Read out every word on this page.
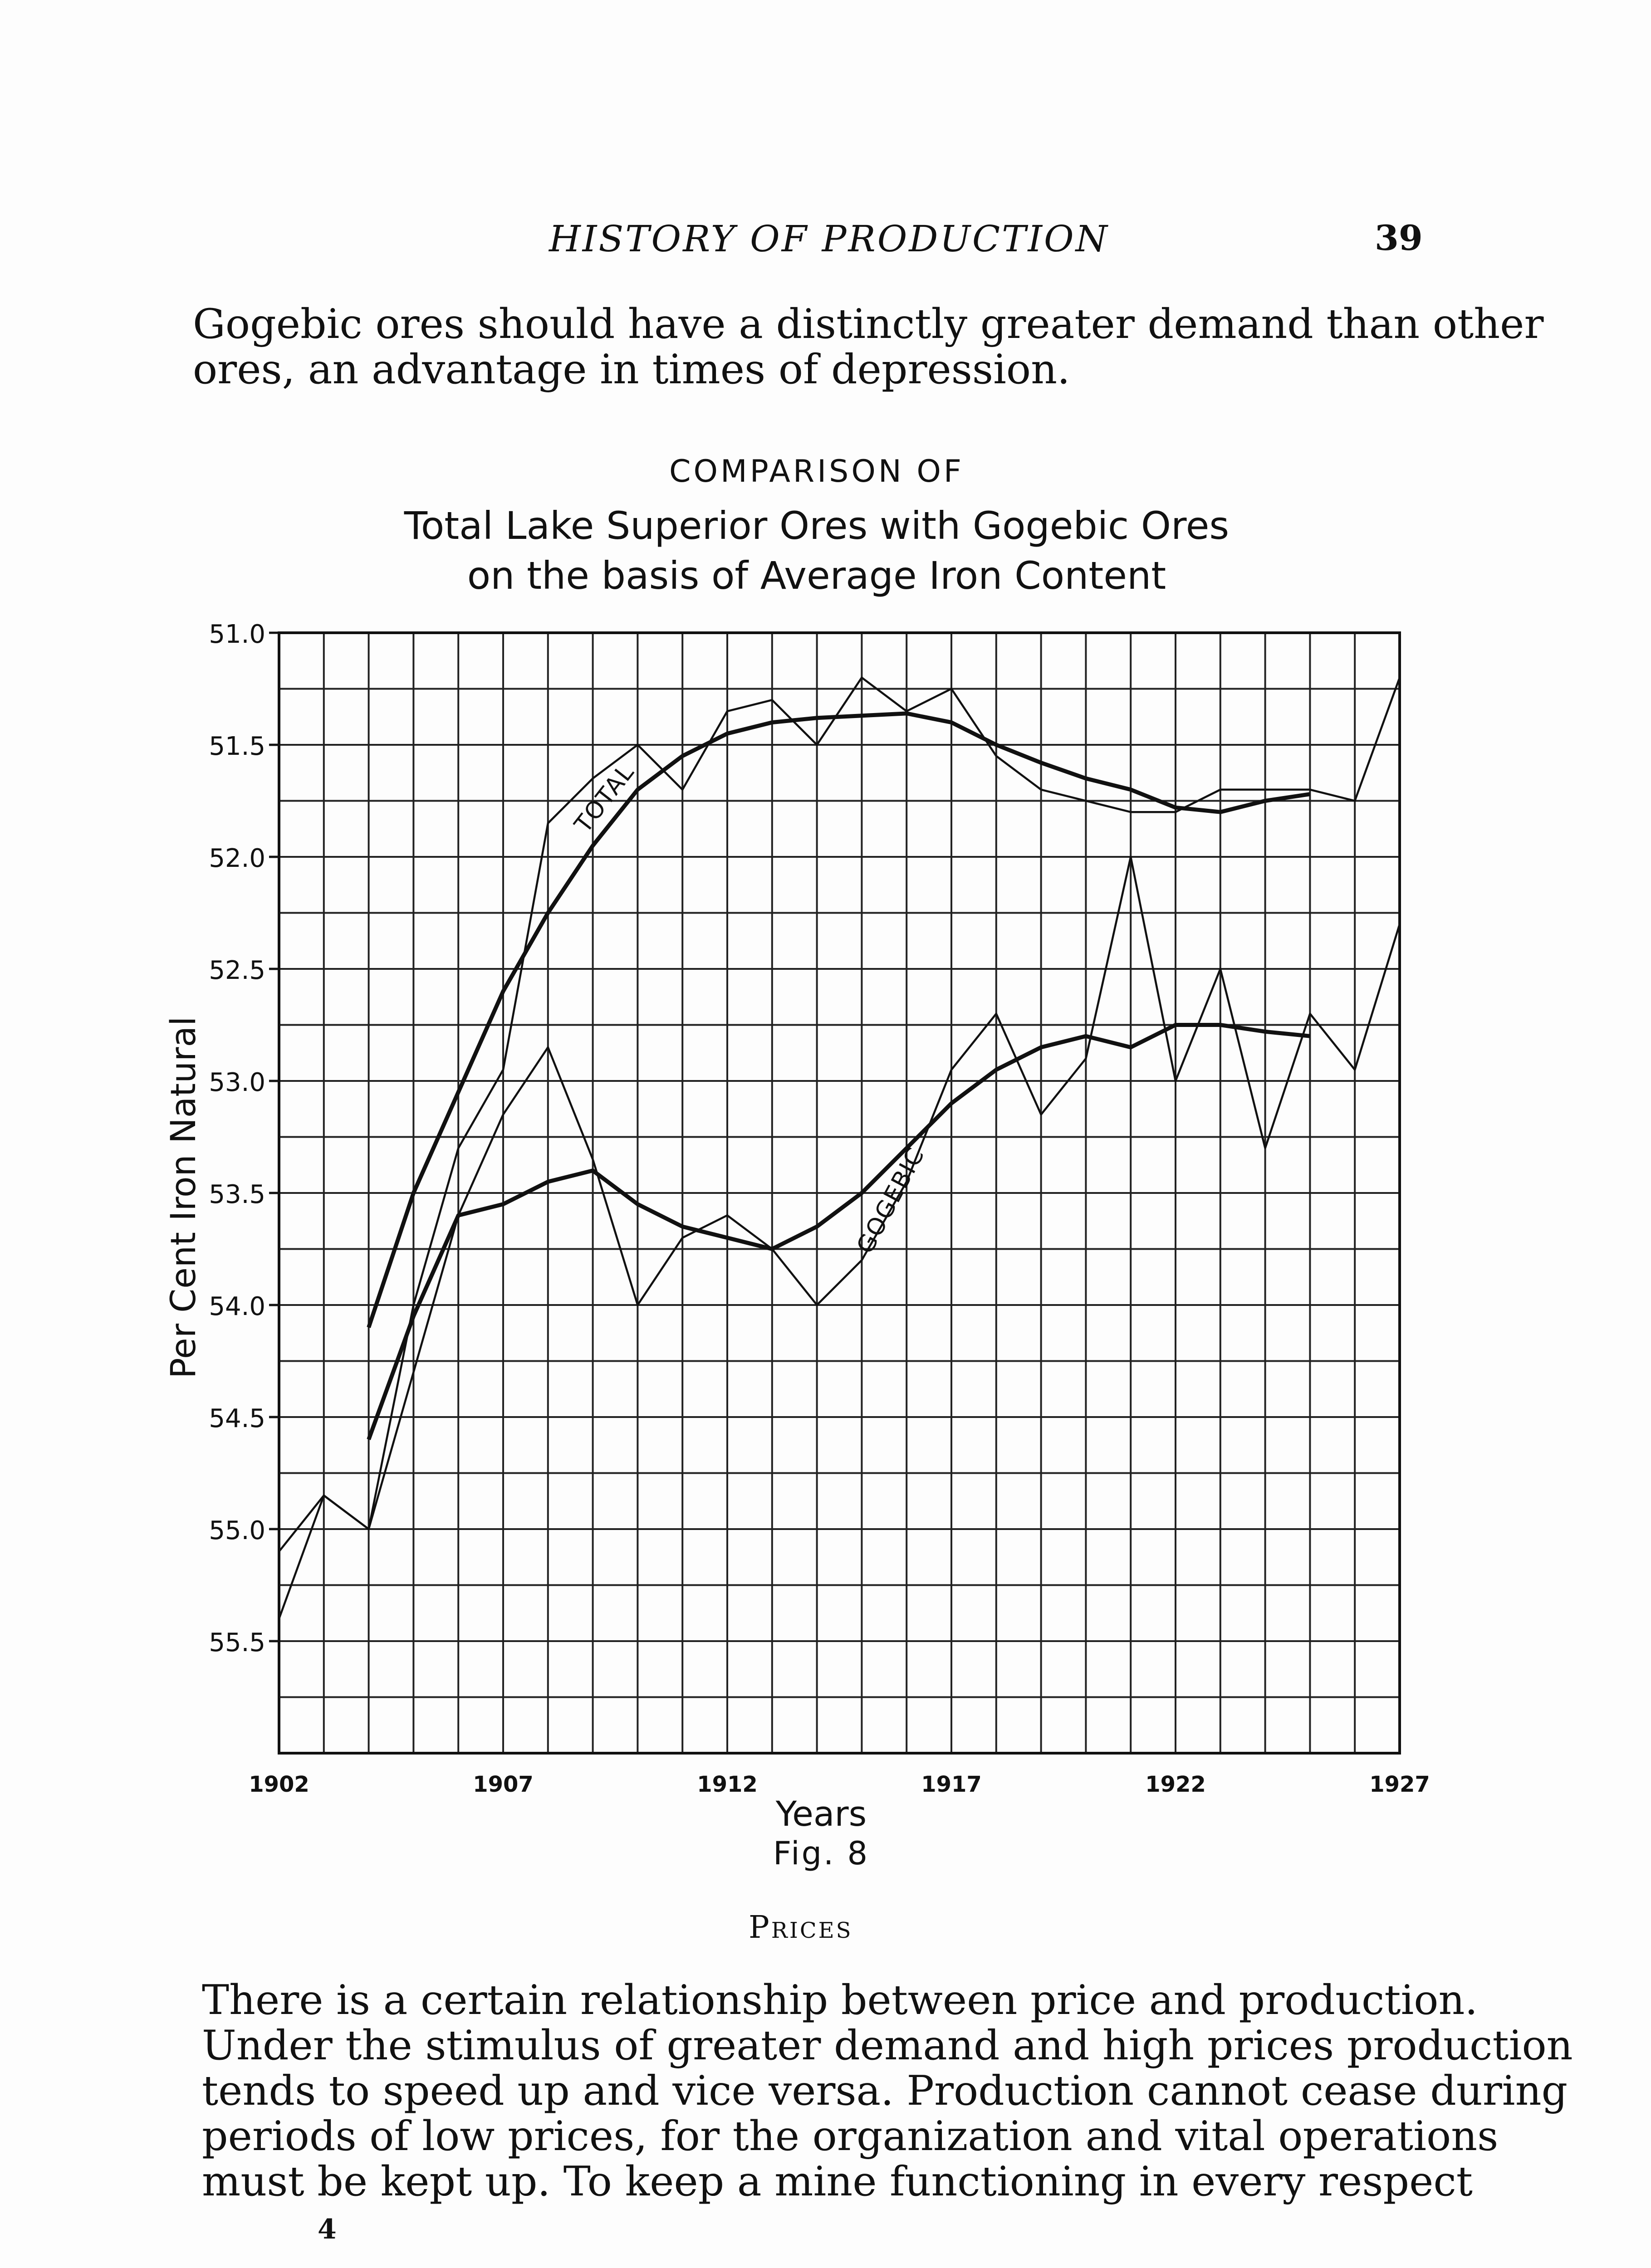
HISTORY OF PRODUCTION	39
Gogebic ores should have a distinctly greater demand than other
ores, an advantage in times of depression.
COMPARISON OF
Total Lake Superior Ores with Gogebic Ores
on the basis of Average Iron Content
51.0
51.5
52.0
52.5
53.0
53.5
54.0
54.5
55.0
55.5
1902	1907	1912	1917	1922	1927
Per Cent Iron Natural
Years
Fig. 8
TOTAL
GOGEBIC
Prices
There is a certain relationship between price and production.
Under the stimulus of greater demand and high prices production
tends to speed up and vice versa. Production cannot cease during
periods of low prices, for the organization and vital operations
must be kept up. To keep a mine functioning in every respect
4
